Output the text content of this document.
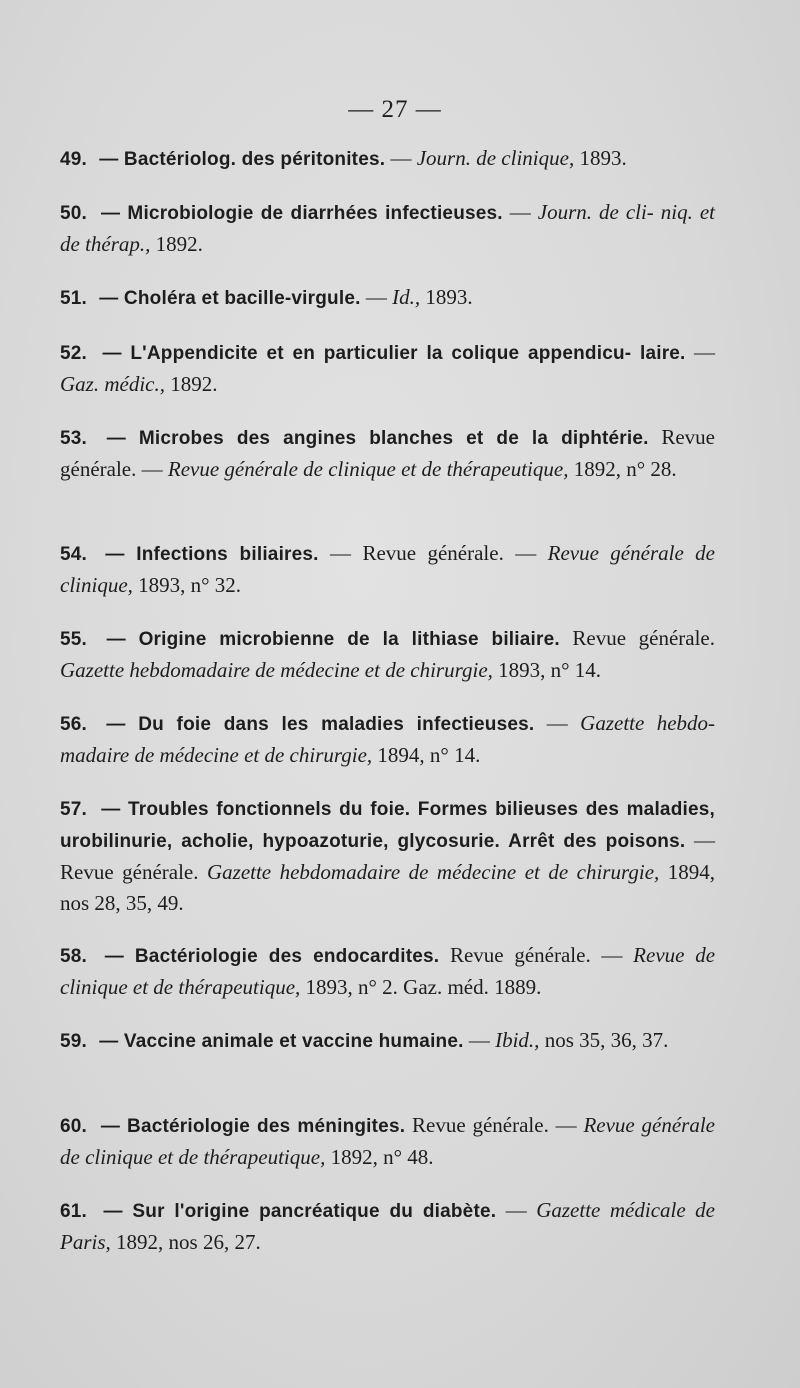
— 27 —

49. — Bactériolog. des péritonites. — Journ. de clinique, 1893.

50. — Microbiologie de diarrhées infectieuses. — Journ. de cli- niq. et de thérap., 1892.

51. — Choléra et bacille-virgule. — Id., 1893.

52. — L'Appendicite et en particulier la colique appendicu- laire. — Gaz. médic., 1892.

53. — Microbes des angines blanches et de la diphtérie. Revue générale. — Revue générale de clinique et de thérapeutique, 1892, n° 28.

54. — Infections biliaires. — Revue générale. — Revue générale de clinique, 1893, n° 32.

55. — Origine microbienne de la lithiase biliaire. Revue générale. Gazette hebdomadaire de médecine et de chirurgie, 1893, n° 14.

56. — Du foie dans les maladies infectieuses. — Gazette hebdo- madaire de médecine et de chirurgie, 1894, n° 14.

57. — Troubles fonctionnels du foie. Formes bilieuses des maladies, urobilinurie, acholie, hypoazoturie, glycosurie. Arrêt des poisons. — Revue générale. Gazette hebdomadaire de médecine et de chirurgie, 1894, nos 28, 35, 49.

58. — Bactériologie des endocardites. Revue générale. — Revue de clinique et de thérapeutique, 1893, n° 2. Gaz. méd. 1889.

59. — Vaccine animale et vaccine humaine. — Ibid., nos 35, 36, 37.

60. — Bactériologie des méningites. Revue générale. — Revue générale de clinique et de thérapeutique, 1892, n° 48.

61. — Sur l'origine pancréatique du diabète. — Gazette médicale de Paris, 1892, nos 26, 27.
